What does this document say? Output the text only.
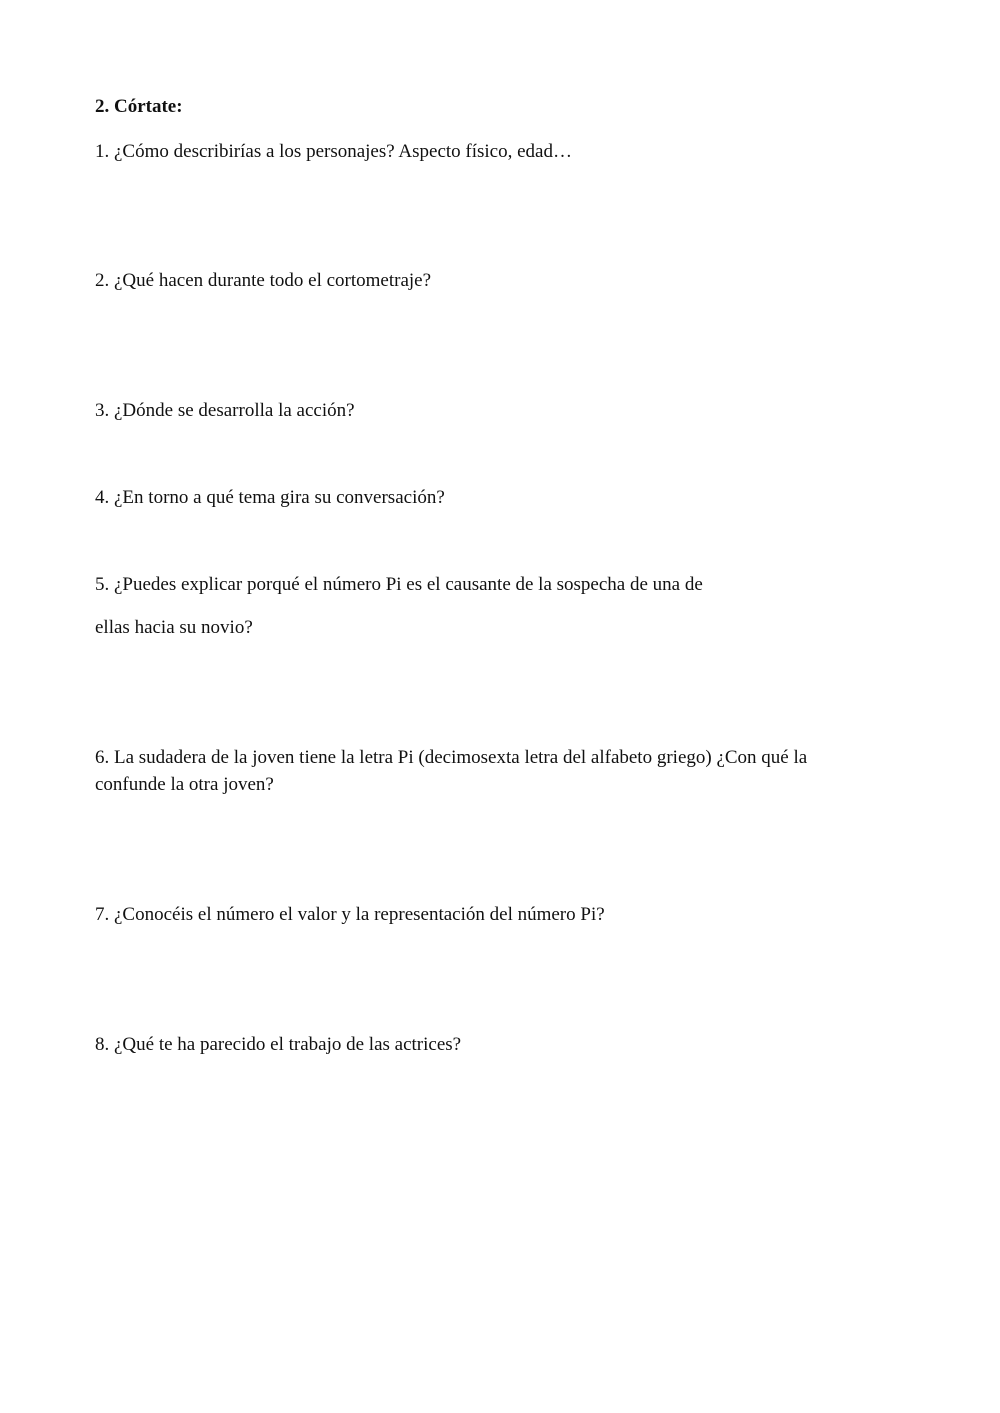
2. Córtate:

1. ¿Cómo describirías a los personajes? Aspecto físico, edad…

2. ¿Qué hacen durante todo el cortometraje?

3. ¿Dónde se desarrolla la acción?

4. ¿En torno a qué tema gira su conversación?

5. ¿Puedes explicar porqué el número Pi es el causante de la sospecha de una de

ellas hacia su novio?

6. La sudadera de la joven tiene la letra Pi (decimosexta letra del alfabeto griego) ¿Con qué la confunde la otra joven?

7. ¿Conocéis el número el valor y la representación del número Pi?

8. ¿Qué te ha parecido el trabajo de las actrices?
